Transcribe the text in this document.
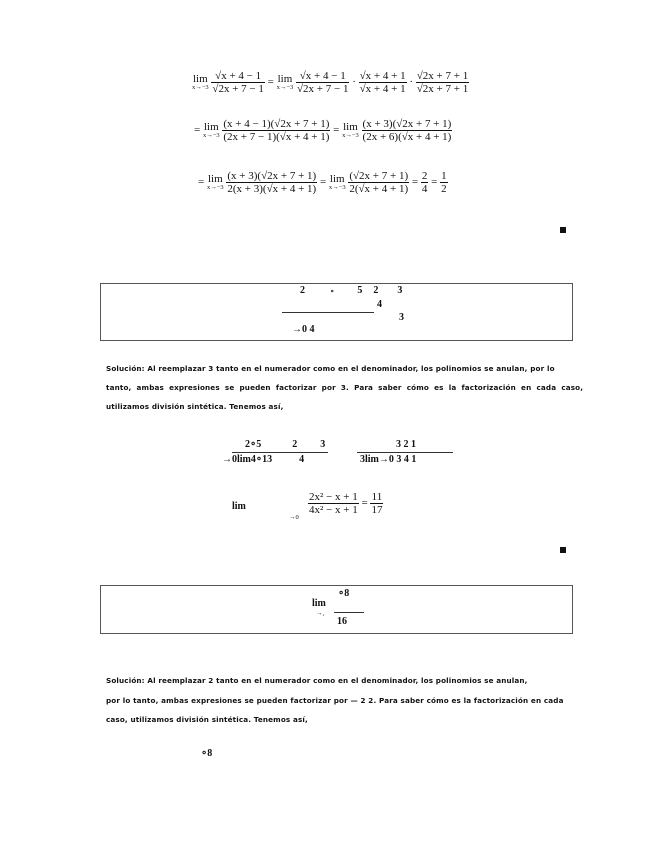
lim
x→−3
$\frac{√x + 4 - 1}{√2x + 7 - 1} = \lim$
x→−3
$\frac{√x + 4 - 1}{√2x + 7 - 1} \cdot \frac{√x + 4 + 1}{√x + 4 + 1} \cdot \frac{√2x + 7 + 1}{√2x + 7 + 1}$
= lim
x→−3
$\frac{(x + 4 - 1)(√2x + 7 + 1)}{(2x + 7 - 1)(√x + 4 + 1)} = \lim$
x→−3
$\frac{(x + 3)(√2x + 7 + 1)}{(2x + 6)(√x + 4 + 1)}$
= lim
x→−3
$\frac{(x + 3)(√2x + 7 + 1)}{2(x + 3)(√x + 4 + 1)} = \lim$
x→−3
$\frac{(√2x + 7 + 1)}{2(√x + 4 + 1)} = \frac{2}{4} = \frac{1}{2}$
2	∘ 5 2 3
4
3
→0 4
Solución: Al reemplazar 3 tanto en el numerador como en el denominador, los polinomios se anulan, por lo
tanto, ambas expresiones se pueden factorizar por 3. Para saber cómo es la factorización en cada caso,
utilizamos división sintética. Tenemos así,
2∘5	2 3
→0lim4∘13	4
3 2 1
3lim→0 3 4 1
lim
→0
$\frac{\text{2x² − x + 1}}{\text{4x² − x + 1}} = \frac{11}{17}$
∘8
lim
→,
16
Solución: Al reemplazar 2 tanto en el numerador como en el denominador, los polinomios se anulan,
por lo tanto, ambas expresiones se pueden factorizar por — 2 2. Para saber cómo es la factorización en cada
caso, utilizamos división sintética. Tenemos así,
∘8
